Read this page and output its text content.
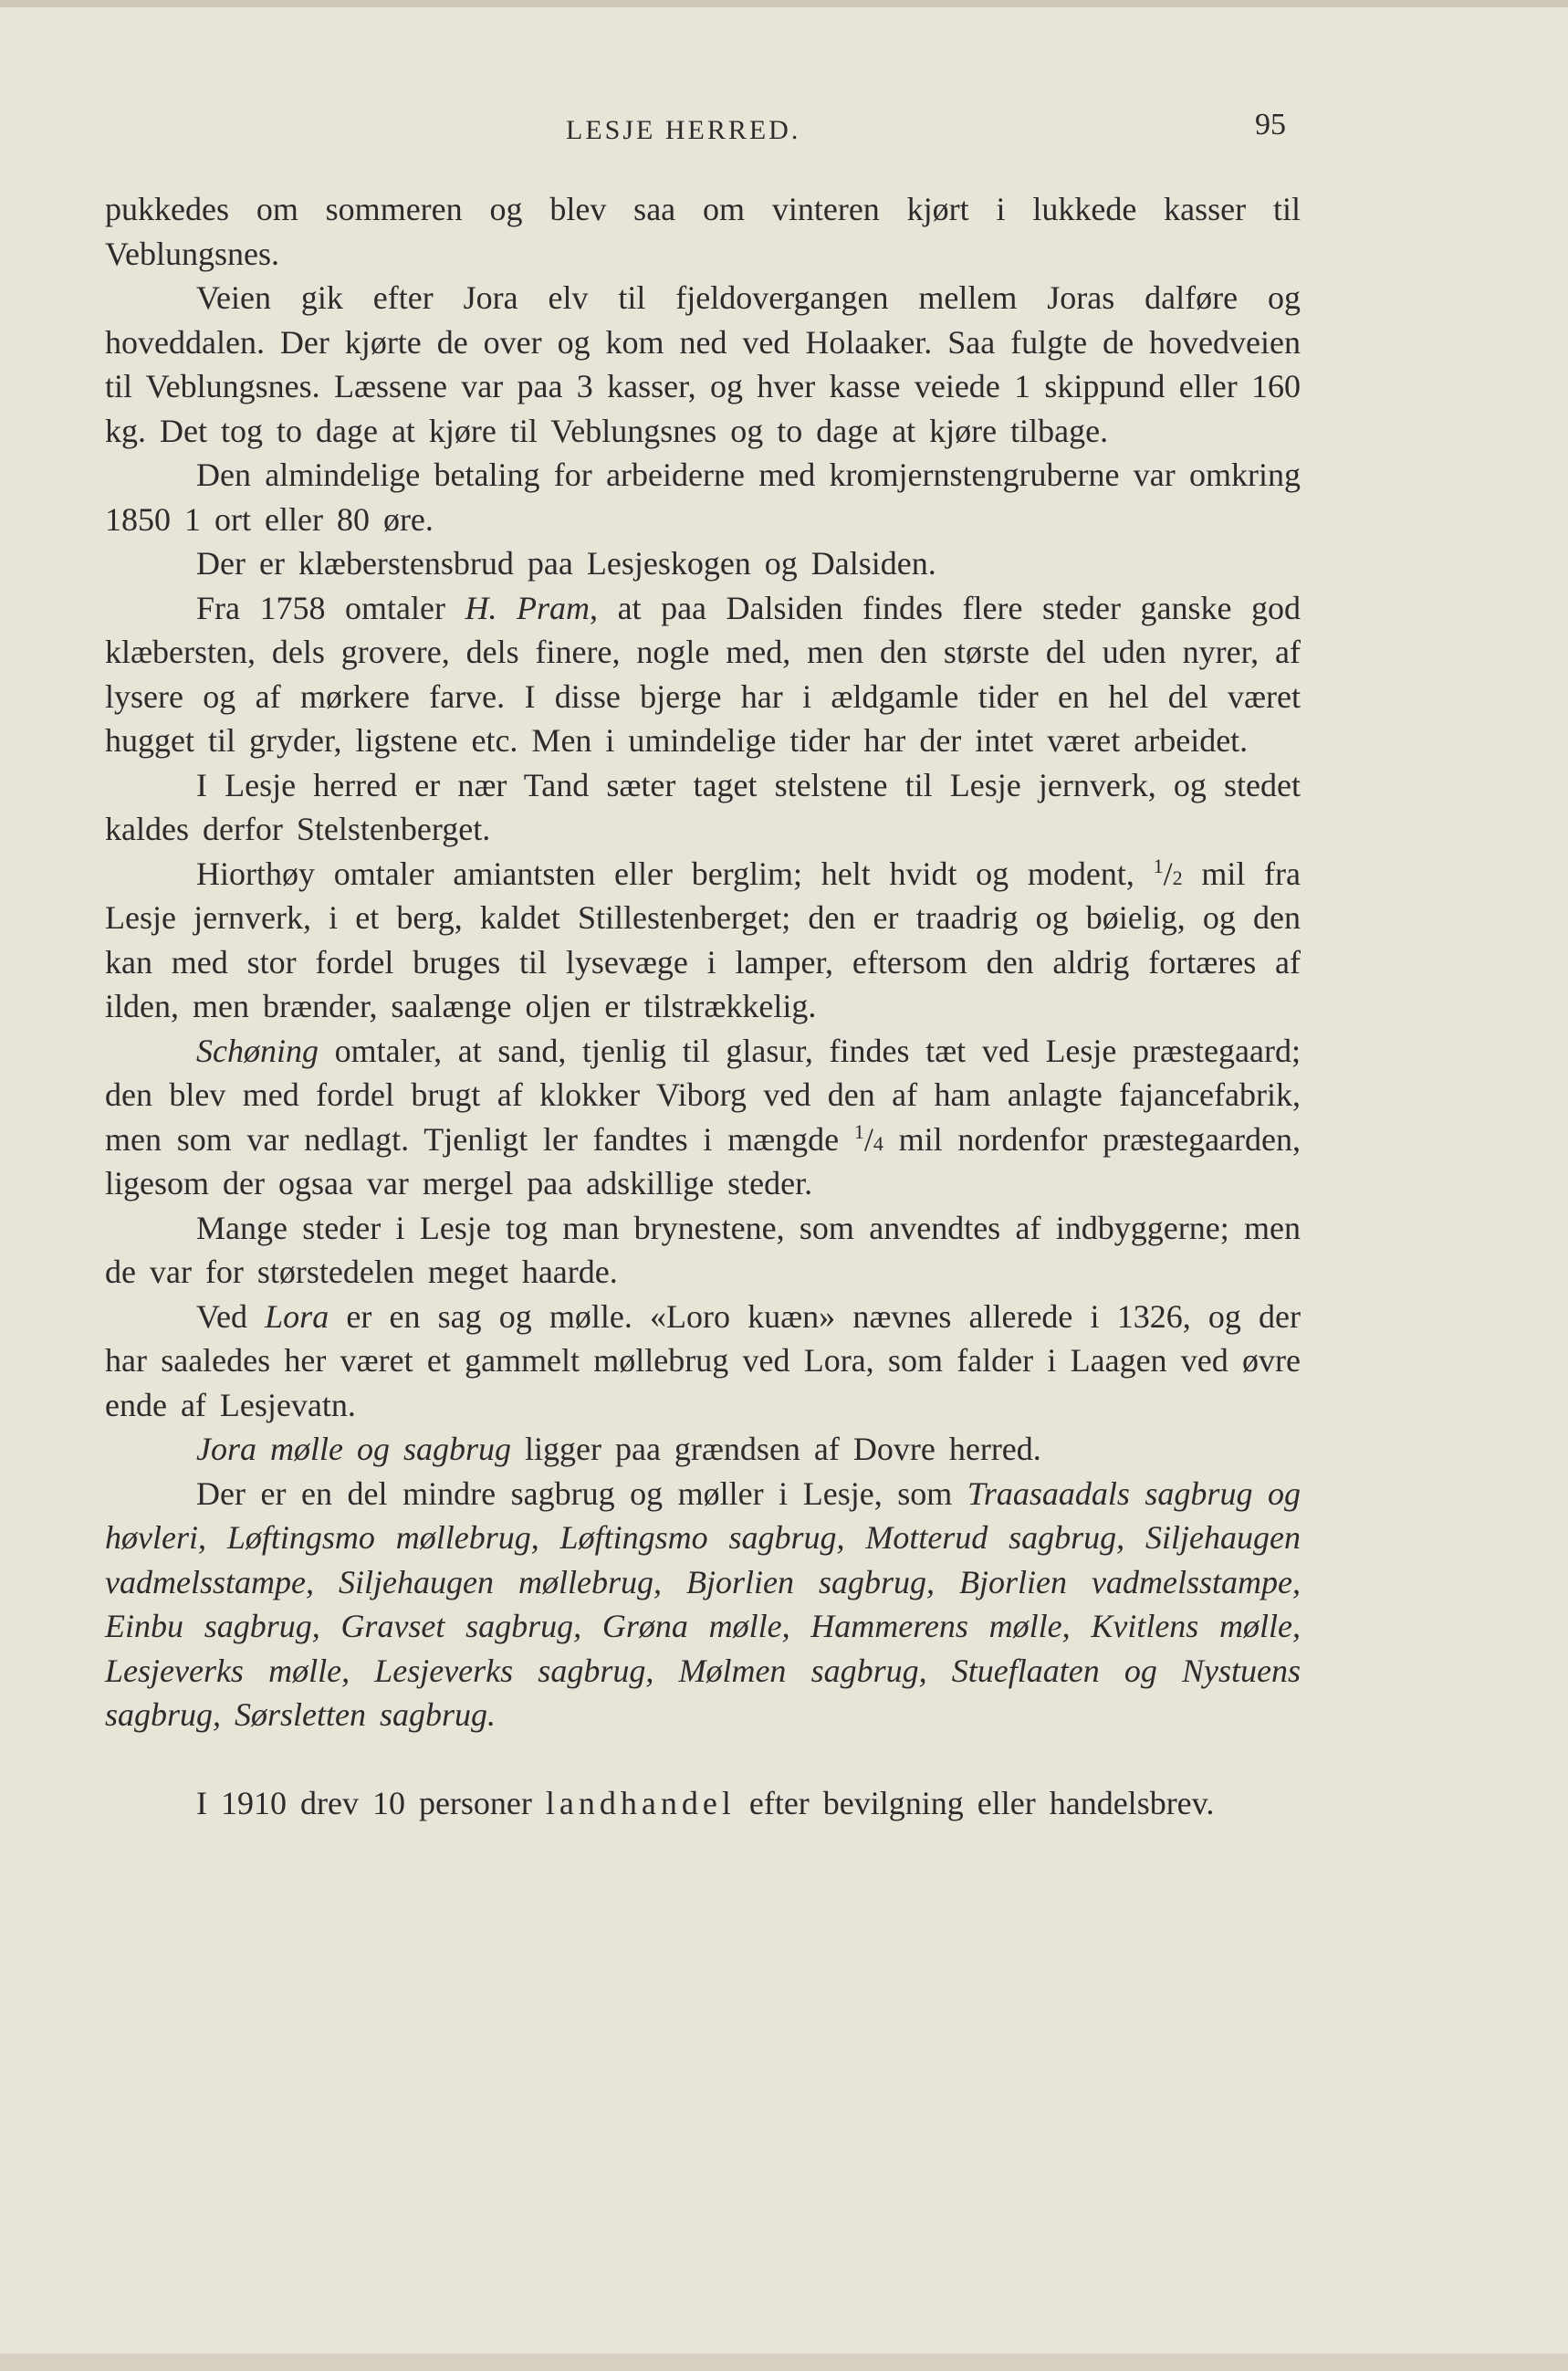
LESJE HERRED.	95

pukkedes om sommeren og blev saa om vinteren kjørt i lukkede kasser til Veblungsnes.

Veien gik efter Jora elv til fjeldovergangen mellem Joras dalføre og hoveddalen. Der kjørte de over og kom ned ved Holaaker. Saa fulgte de hovedveien til Veblungsnes. Læssene var paa 3 kasser, og hver kasse veiede 1 skippund eller 160 kg. Det tog to dage at kjøre til Veblungsnes og to dage at kjøre tilbage.

Den almindelige betaling for arbeiderne med kromjernstengruberne var omkring 1850 1 ort eller 80 øre.

Der er klæberstensbrud paa Lesjeskogen og Dalsiden.

Fra 1758 omtaler H. Pram, at paa Dalsiden findes flere steder ganske god klæbersten, dels grovere, dels finere, nogle med, men den største del uden nyrer, af lysere og af mørkere farve. I disse bjerge har i ældgamle tider en hel del været hugget til gryder, ligstene etc. Men i umindelige tider har der intet været arbeidet.

I Lesje herred er nær Tand sæter taget stelstene til Lesje jernverk, og stedet kaldes derfor Stelstenberget.

Hiorthøy omtaler amiantsten eller berglim; helt hvidt og modent, $^1$/2 mil fra Lesje jernverk, i et berg, kaldet Stillestenberget; den er traadrig og bøielig, og den kan med stor fordel bruges til lysevæge i lamper, eftersom den aldrig fortæres af ilden, men brænder, saalænge oljen er tilstrækkelig.

Schøning omtaler, at sand, tjenlig til glasur, findes tæt ved Lesje præstegaard; den blev med fordel brugt af klokker Viborg ved den af ham anlagte fajancefabrik, men som var nedlagt. Tjenligt ler fandtes i mængde $^1$/4 mil nordenfor præstegaarden, ligesom der ogsaa var mergel paa adskillige steder.

Mange steder i Lesje tog man brynestene, som anvendtes af indbyggerne; men de var for størstedelen meget haarde.

Ved Lora er en sag og mølle. «Loro kuæn» nævnes allerede i 1326, og der har saaledes her været et gammelt møllebrug ved Lora, som falder i Laagen ved øvre ende af Lesjevatn.

Jora mølle og sagbrug ligger paa grændsen af Dovre herred.

Der er en del mindre sagbrug og møller i Lesje, som Traasaadals sagbrug og høvleri, Løftingsmo møllebrug, Løftingsmo sagbrug, Motterud sagbrug, Siljehaugen vadmelsstampe, Siljehaugen møllebrug, Bjorlien sagbrug, Bjorlien vadmelsstampe, Einbu sagbrug, Gravset sagbrug, Grøna mølle, Hammerens mølle, Kvitlens mølle, Lesjeverks mølle, Lesjeverks sagbrug, Mølmen sagbrug, Stueflaaten og Nystuens sagbrug, Sørsletten sagbrug.

I 1910 drev 10 personer landhandel efter bevilgning eller handelsbrev.
